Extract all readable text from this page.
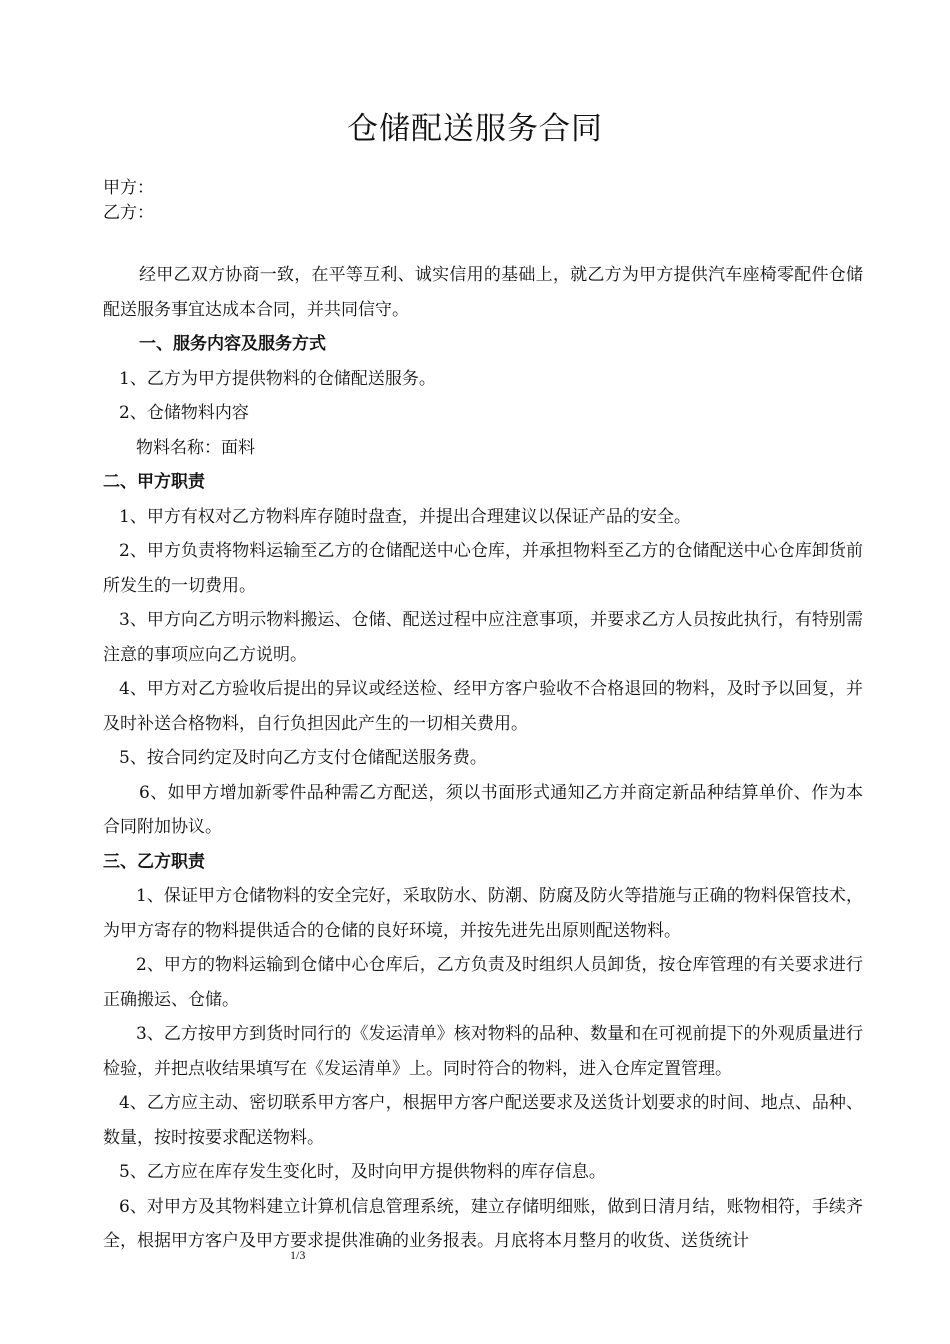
仓储配送服务合同
甲方：
乙方：

经甲乙双方协商一致，在平等互利、诚实信用的基础上，就乙方为甲方提供汽车座椅零配件仓储配送服务事宜达成本合同，并共同信守。

一、服务内容及服务方式

1、乙方为甲方提供物料的仓储配送服务。

2、仓储物料内容

物料名称：面料

二、甲方职责

1、甲方有权对乙方物料库存随时盘查，并提出合理建议以保证产品的安全。

2、甲方负责将物料运输至乙方的仓储配送中心仓库，并承担物料至乙方的仓储配送中心仓库卸货前所发生的一切费用。

3、甲方向乙方明示物料搬运、仓储、配送过程中应注意事项，并要求乙方人员按此执行，有特别需注意的事项应向乙方说明。

4、甲方对乙方验收后提出的异议或经送检、经甲方客户验收不合格退回的物料，及时予以回复，并及时补送合格物料，自行负担因此产生的一切相关费用。

5、按合同约定及时向乙方支付仓储配送服务费。

6、如甲方增加新零件品种需乙方配送，须以书面形式通知乙方并商定新品种结算单价、作为本合同附加协议。

三、乙方职责

1、保证甲方仓储物料的安全完好，采取防水、防潮、防腐及防火等措施与正确的物料保管技术，为甲方寄存的物料提供适合的仓储的良好环境，并按先进先出原则配送物料。

2、甲方的物料运输到仓储中心仓库后，乙方负责及时组织人员卸货，按仓库管理的有关要求进行正确搬运、仓储。

3、乙方按甲方到货时同行的《发运清单》核对物料的品种、数量和在可视前提下的外观质量进行检验，并把点收结果填写在《发运清单》上。同时符合的物料，进入仓库定置管理。

4、乙方应主动、密切联系甲方客户，根据甲方客户配送要求及送货计划要求的时间、地点、品种、数量，按时按要求配送物料。

5、乙方应在库存发生变化时，及时向甲方提供物料的库存信息。

6、对甲方及其物料建立计算机信息管理系统，建立存储明细账，做到日清月结，账物相符，手续齐全，根据甲方客户及甲方要求提供准确的业务报表。月底将本月整月的收货、送货统计

1/3
